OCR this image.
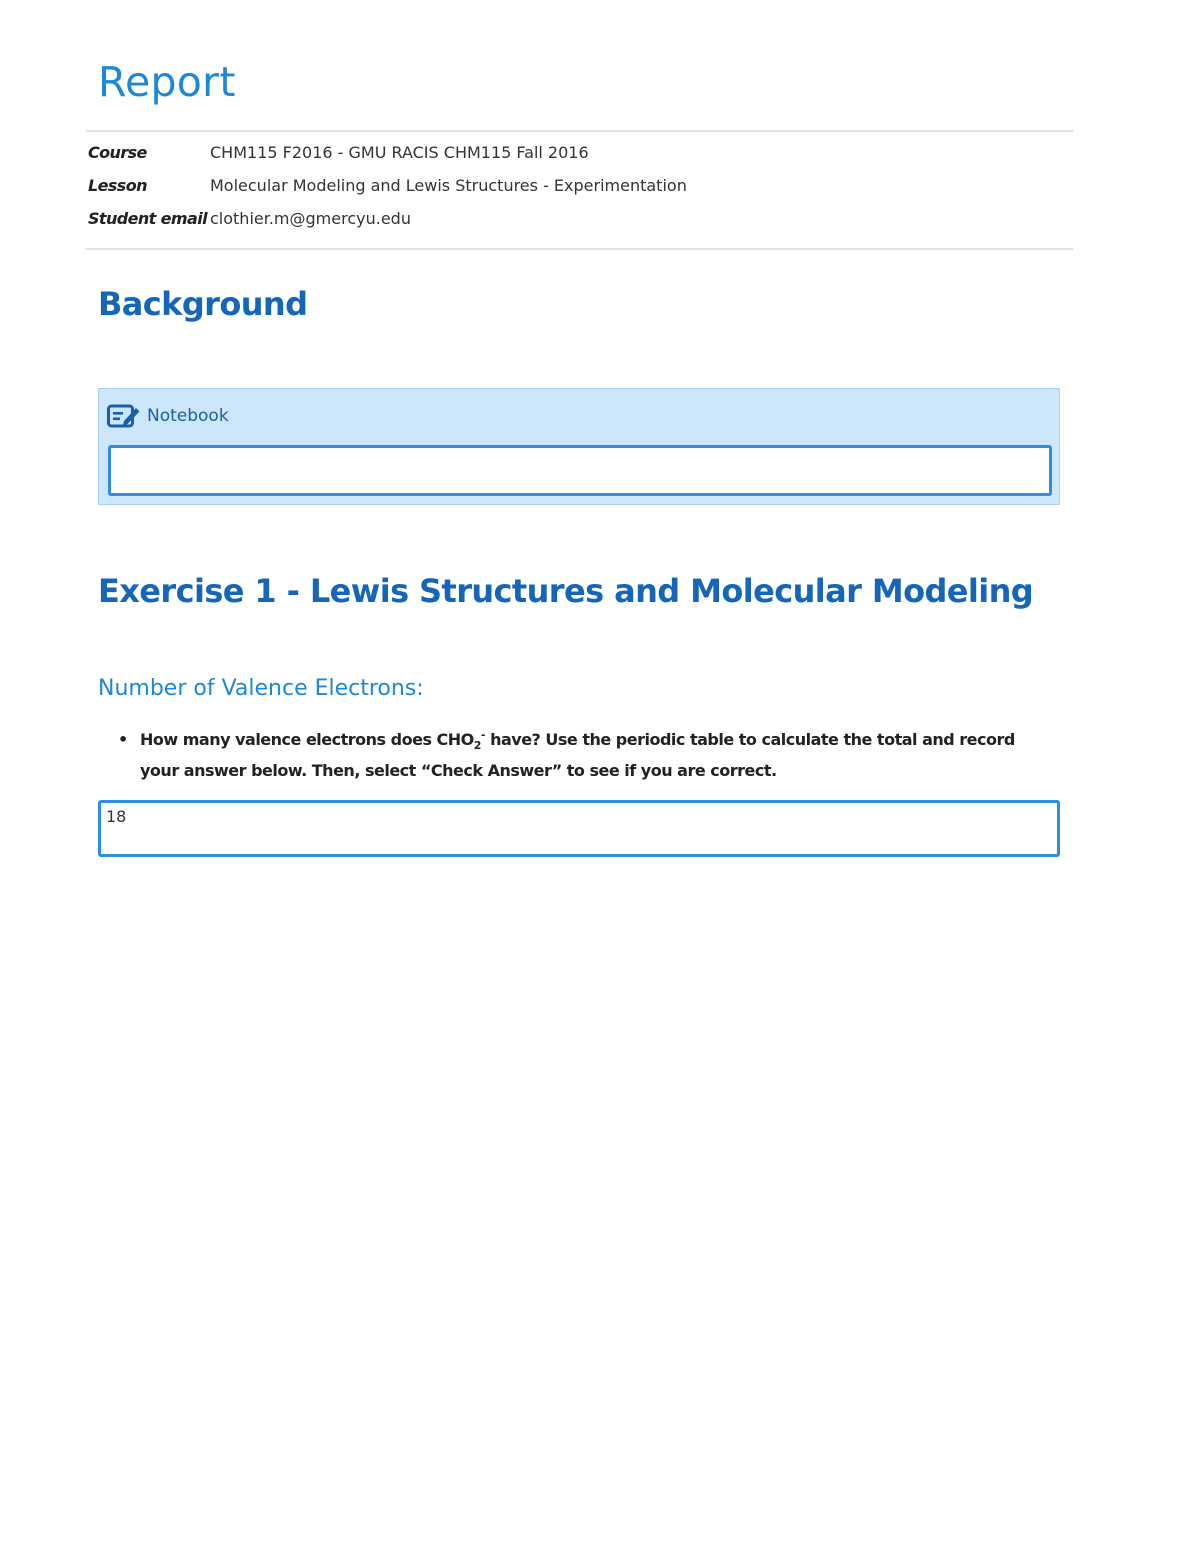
Report
Course	CHM115 F2016 - GMU RACIS CHM115 Fall 2016
Lesson	Molecular Modeling and Lewis Structures - Experimentation
Student email clothier.m@gmercyu.edu
Background
Notebook
Exercise 1 - Lewis Structures and Molecular Modeling
Number of Valence Electrons:
• How many valence electrons does $CHO_2^-$ have? Use the periodic table to calculate the total and record your answer below. Then, select “Check Answer” to see if you are correct.
18
